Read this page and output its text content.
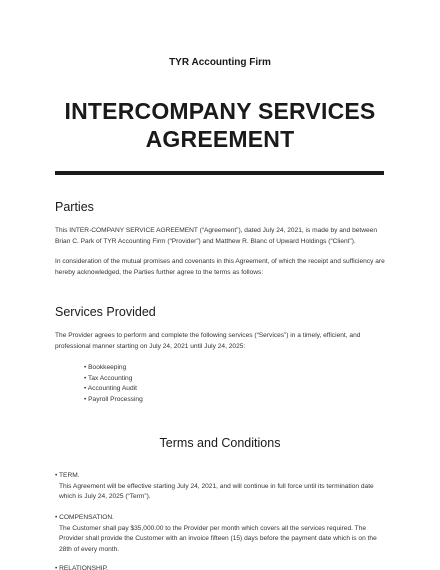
TYR Accounting Firm
INTERCOMPANY SERVICES
AGREEMENT
Parties

This INTER-COMPANY SERVICE AGREEMENT (“Agreement”), dated July 24, 2021, is made by and between Brian C. Park of TYR Accounting Firm (“Provider”) and Matthew R. Blanc of Upward Holdings (“Client”).

In consideration of the mutual promises and covenants in this Agreement, of which the receipt and sufficiency are hereby acknowledged, the Parties further agree to the terms as follows:

Services Provided

The Provider agrees to perform and complete the following services (“Services”) in a timely, efficient, and professional manner starting on July 24, 2021 until July 24, 2025:

• Bookkeeping
• Tax Accounting
• Accounting Audit
• Payroll Processing
Terms and Conditions
• TERM.
This Agreement will be effective starting July 24, 2021, and will continue in full force until its termination date which is July 24, 2025 (“Term”).
• COMPENSATION.
The Customer shall pay $35,000.00 to the Provider per month which covers all the services required. The Provider shall provide the Customer with an invoice fifteen (15) days before the payment date which is on the 28th of every month.
• RELATIONSHIP.
